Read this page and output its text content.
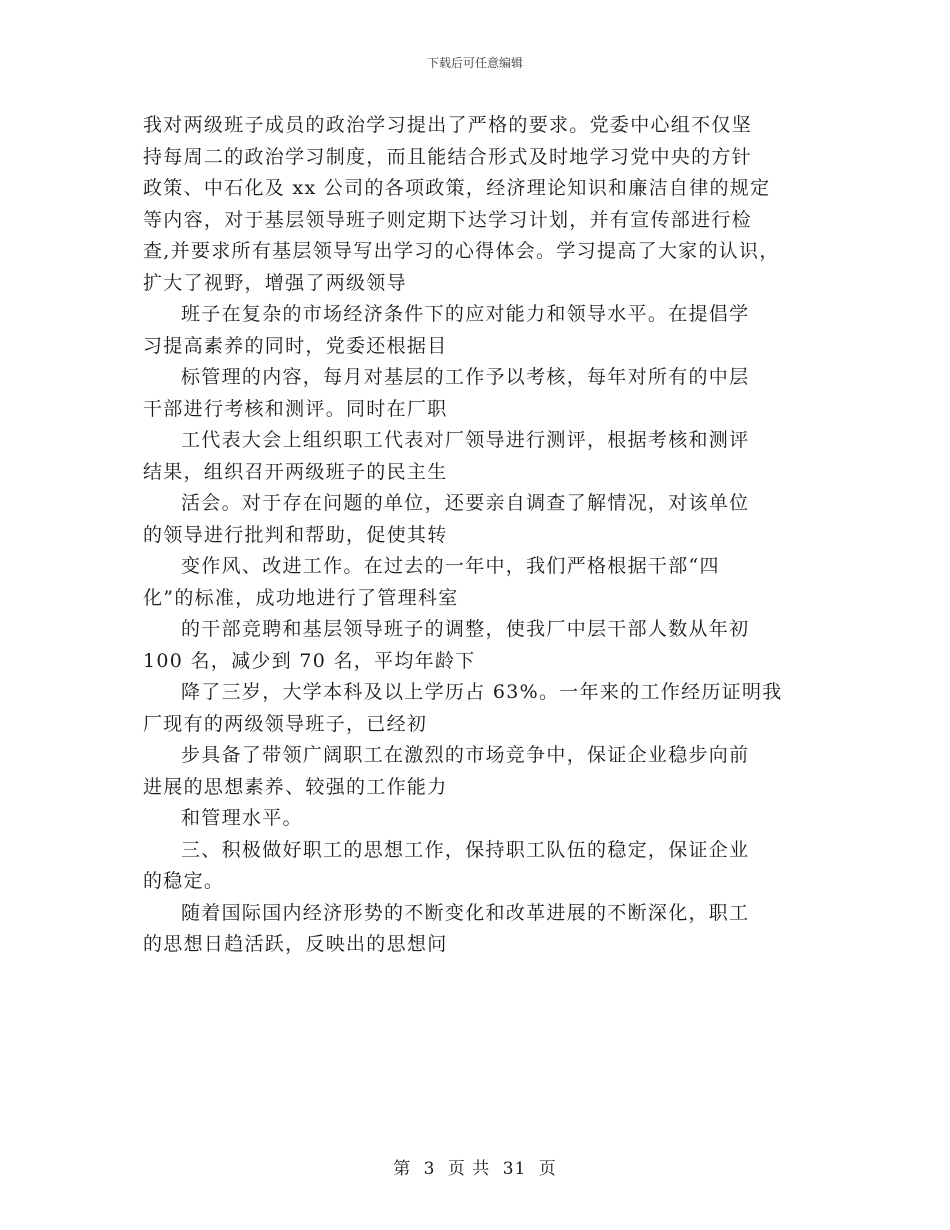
下载后可任意编辑
我对两级班子成员的政治学习提出了严格的要求。党委中心组不仅坚
持每周二的政治学习制度，而且能结合形式及时地学习党中央的方针
政策、中石化及 xx 公司的各项政策，经济理论知识和廉洁自律的规定
等内容，对于基层领导班子则定期下达学习计划，并有宣传部进行检
查,并要求所有基层领导写出学习的心得体会。学习提高了大家的认识，
扩大了视野，增强了两级领导
班子在复杂的市场经济条件下的应对能力和领导水平。在提倡学
习提高素养的同时，党委还根据目
标管理的内容，每月对基层的工作予以考核，每年对所有的中层
干部进行考核和测评。同时在厂职
工代表大会上组织职工代表对厂领导进行测评，根据考核和测评
结果，组织召开两级班子的民主生
活会。对于存在问题的单位，还要亲自调查了解情况，对该单位
的领导进行批判和帮助，促使其转
变作风、改进工作。在过去的一年中，我们严格根据干部“四
化”的标准，成功地进行了管理科室
的干部竞聘和基层领导班子的调整，使我厂中层干部人数从年初
100 名，减少到 70 名，平均年龄下
降了三岁，大学本科及以上学历占 63%。一年来的工作经历证明我
厂现有的两级领导班子，已经初
步具备了带领广阔职工在激烈的市场竞争中，保证企业稳步向前
进展的思想素养、较强的工作能力
和管理水平。
三、积极做好职工的思想工作，保持职工队伍的稳定，保证企业
的稳定。
随着国际国内经济形势的不断变化和改革进展的不断深化，职工
的思想日趋活跃，反映出的思想问
第 3 页 共 31 页
